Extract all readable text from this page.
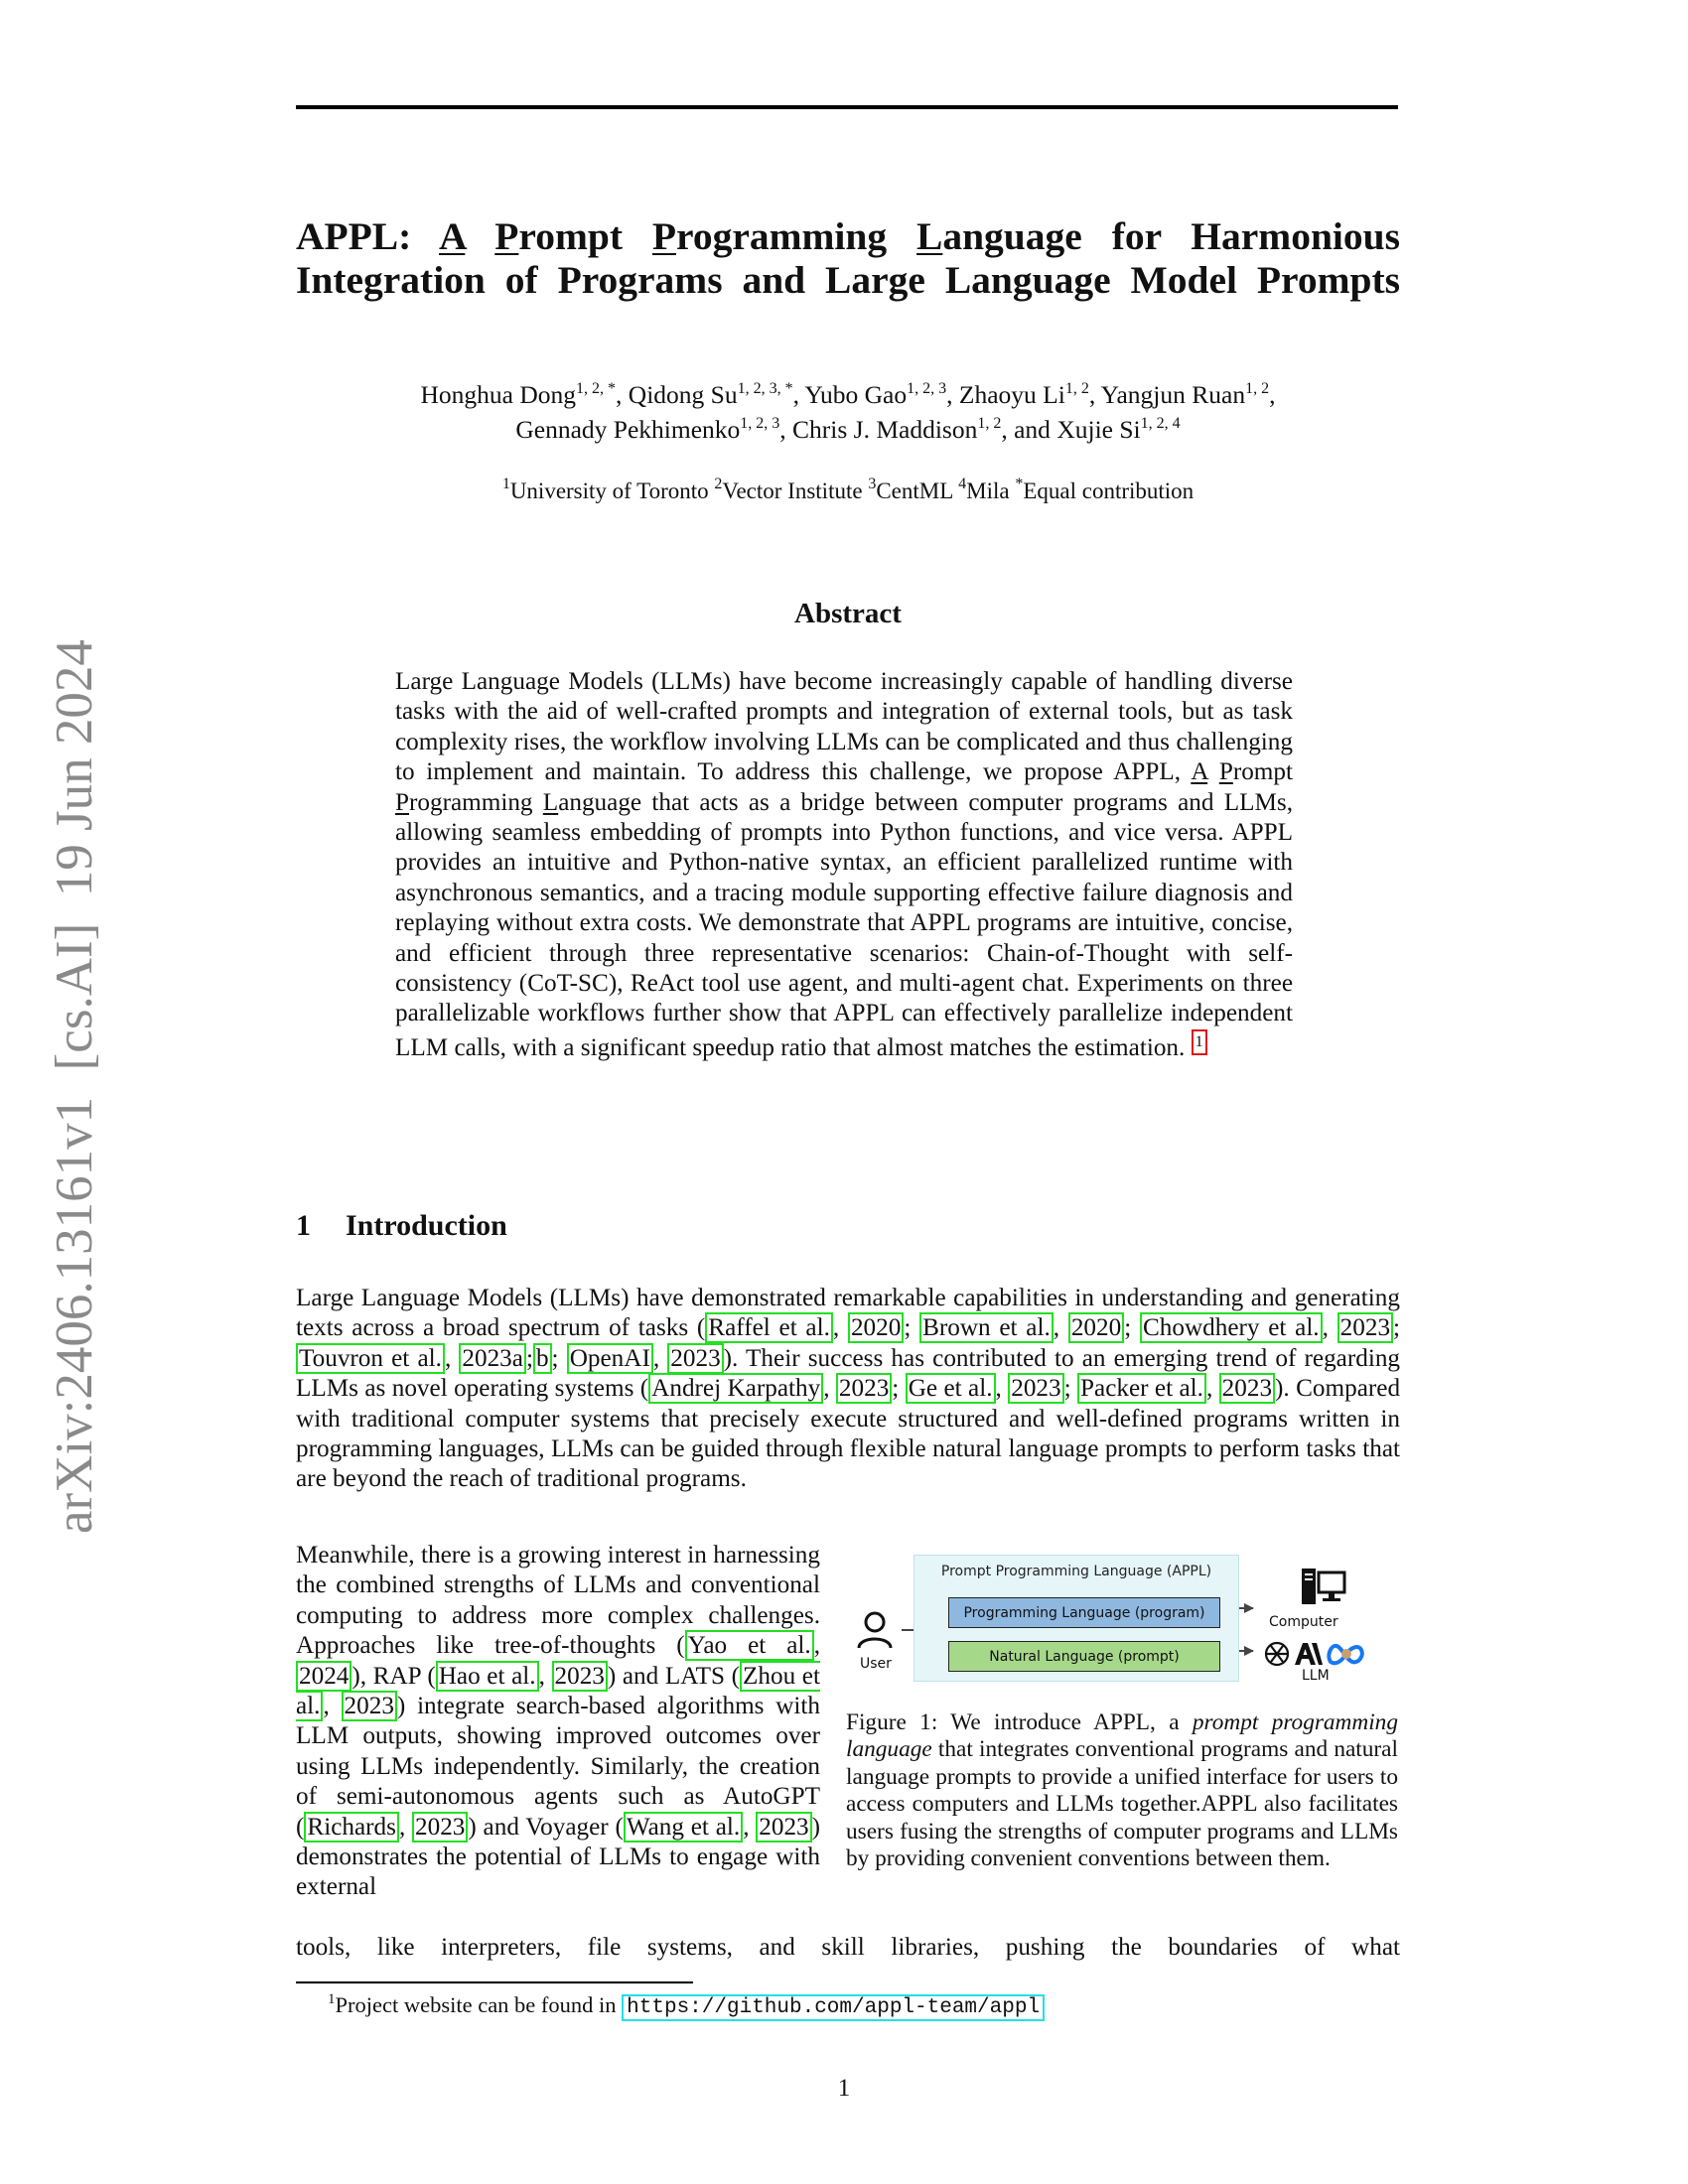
arXiv:2406.13161v1  [cs.AI]  19 Jun 2024
APPL: A Prompt Programming Language for Harmonious Integration of Programs and Large Language Model Prompts
Honghua Dong$^{1, 2, *}$, Qidong $Su^{1, 2, 3, *}$, Yubo Gao$^{1, 2, 3}$, Zhaoyu Li$^{1, 2}$, Yangjun Ruan$^{1, 2}$,
Gennady Pekhimenko$^{1, 2, 3}$, Chris J. Maddison$^{1, 2}$, and Xujie Si$^{1, 2, 4}$
$^1$University of Toronto $^2$Vector Institute $^3$CentML $^4$Mila *Equal contribution
Abstract

Large Language Models (LLMs) have become increasingly capable of handling diverse tasks with the aid of well-crafted prompts and integration of external tools, but as task complexity rises, the workflow involving LLMs can be complicated and thus challenging to implement and maintain. To address this challenge, we propose APPL, A Prompt Programming Language that acts as a bridge between computer programs and LLMs, allowing seamless embedding of prompts into Python functions, and vice versa. APPL provides an intuitive and Python-native syntax, an efficient parallelized runtime with asynchronous semantics, and a tracing module supporting effective failure diagnosis and replaying without extra costs. We demonstrate that APPL programs are intuitive, concise, and efficient through three representative scenarios: Chain-of-Thought with self-consistency (CoT-SC), ReAct tool use agent, and multi-agent chat. Experiments on three parallelizable workflows further show that APPL can effectively parallelize independent LLM calls, with a significant speedup ratio that almost matches the estimation. 1

1 Introduction

Large Language Models (LLMs) have demonstrated remarkable capabilities in understanding and generating texts across a broad spectrum of tasks ( Raffel et al. , 2020 ; Brown et al. , 2020 ; Chowdhery et al. , 2023 ; Touvron et al. , 2023a ; b ; OpenAI , 2023 ). Their success has contributed to an emerging trend of regarding LLMs as novel operating systems ( Andrej Karpathy , 2023 ; Ge et al. , 2023 ; Packer et al. , 2023 ). Compared with traditional computer systems that precisely execute structured and well-defined programs written in programming languages, LLMs can be guided through flexible natural language prompts to perform tasks that are beyond the reach of traditional programs.

Meanwhile, there is a growing interest in harnessing the combined strengths of LLMs and conventional computing to address more complex challenges. Approaches like tree-of-thoughts ( Yao et al. , 2024 ), RAP ( Hao et al. , 2023 ) and LATS ( Zhou et al. , 2023 ) integrate search-based algorithms with LLM outputs, showing improved outcomes over using LLMs independently. Similarly, the creation of semi-autonomous agents such as AutoGPT ( Richards , 2023 ) and Voyager ( Wang et al. , 2023 ) demonstrates the potential of LLMs to engage with external

User
Prompt Programming Language (APPL)
Programming Language (program)
Natural Language (prompt)
Computer
LLM

Figure 1: We introduce APPL, a prompt programming language that integrates conventional programs and natural language prompts to provide a unified interface for users to access computers and LLMs together.APPL also facilitates users fusing the strengths of computer programs and LLMs by providing convenient conventions between them.

tools, like interpreters, file systems, and skill libraries, pushing the boundaries of what

$^1$Project website can be found in https://github.com/appl-team/appl
1
